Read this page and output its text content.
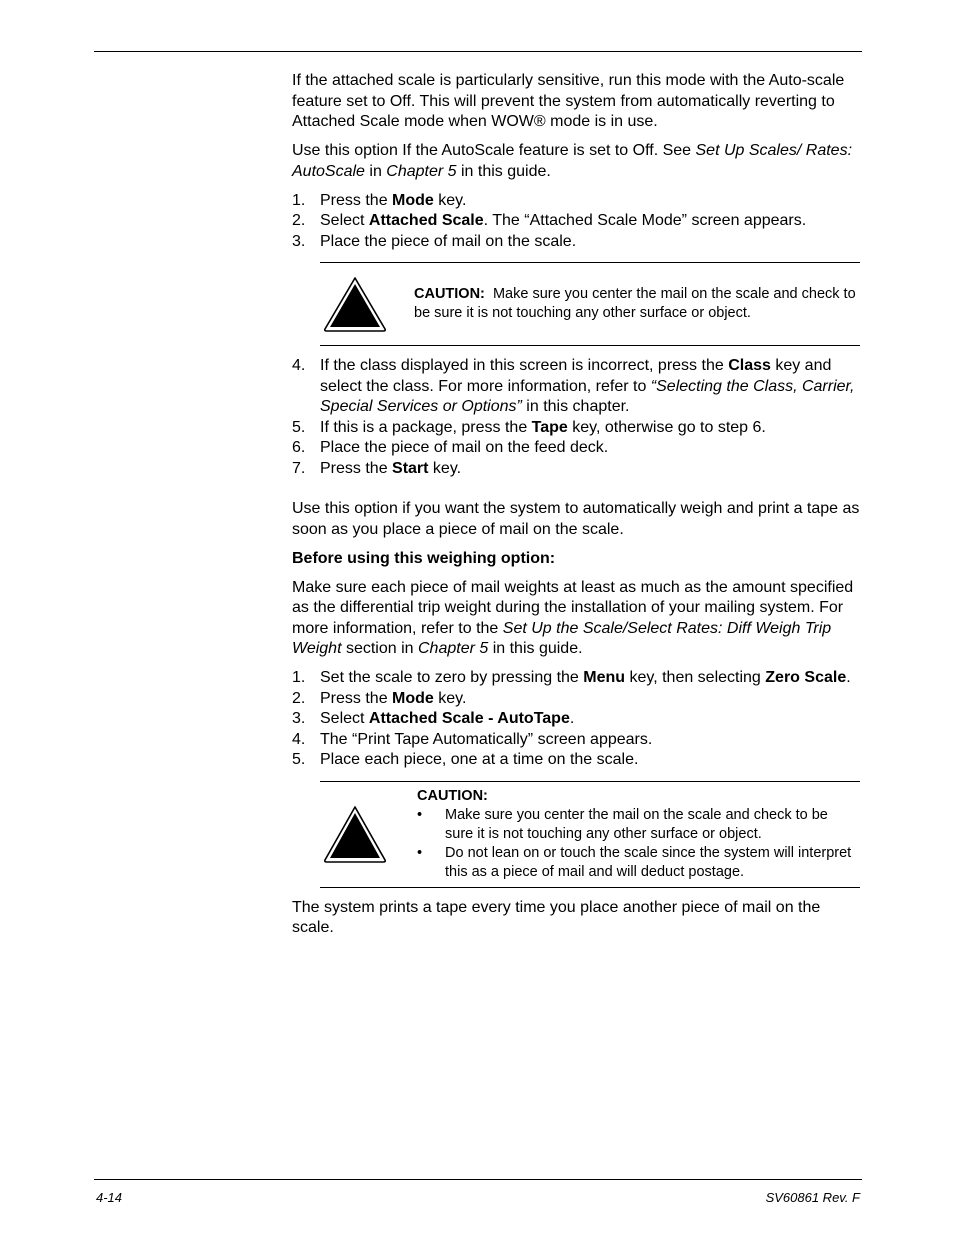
If the attached scale is particularly sensitive, run this mode with the Auto-scale feature set to Off. This will prevent the system from automatically reverting to Attached Scale mode when WOW® mode is in use.

Use this option If the AutoScale feature is set to Off. See Set Up Scales/ Rates: AutoScale in Chapter 5 in this guide.

1. Press the Mode key.
2. Select Attached Scale. The “Attached Scale Mode” screen appears.
3. Place the piece of mail on the scale.
CAUTION: Make sure you center the mail on the scale and check to be sure it is not touching any other surface or object.
4. If the class displayed in this screen is incorrect, press the Class key and select the class. For more information, refer to “Selecting the Class, Carrier, Special Services or Options” in this chapter.
5. If this is a package, press the Tape key, otherwise go to step 6.
6. Place the piece of mail on the feed deck.
7. Press the Start key.

Use this option if you want the system to automatically weigh and print a tape as soon as you place a piece of mail on the scale.

Before using this weighing option:

Make sure each piece of mail weights at least as much as the amount specified as the differential trip weight during the installation of your mailing system. For more information, refer to the Set Up the Scale/Select Rates: Diff Weigh Trip Weight section in Chapter 5 in this guide.

1. Set the scale to zero by pressing the Menu key, then selecting Zero Scale.
2. Press the Mode key.
3. Select Attached Scale - AutoTape.
4. The “Print Tape Automatically” screen appears.
5. Place each piece, one at a time on the scale.
CAUTION:
• Make sure you center the mail on the scale and check to be sure it is not touching any other surface or object.
• Do not lean on or touch the scale since the system will interpret this as a piece of mail and will deduct postage.

The system prints a tape every time you place another piece of mail on the scale.

4-14	SV60861 Rev. F
